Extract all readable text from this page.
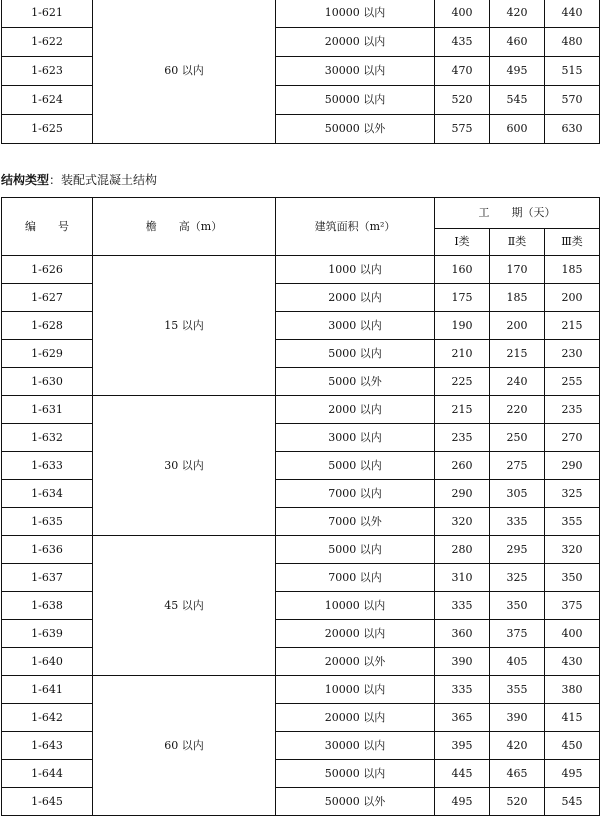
1-621	60 以内	10000 以内	400	420	440
1-622		20000 以内	435	460	480
1-623		30000 以内	470	495	515
1-624		50000 以内	520	545	570
1-625		50000 以外	575	600	630
结构类型：装配式混凝土结构
编　　号	檐　　高（m）	建筑面积（m²）	工　　期（天）		
			Ⅰ类	Ⅱ类	Ⅲ类
1-626	15 以内	1000 以内	160	170	185
1-627		2000 以内	175	185	200
1-628		3000 以内	190	200	215
1-629		5000 以内	210	215	230
1-630		5000 以外	225	240	255
1-631	30 以内	2000 以内	215	220	235
1-632		3000 以内	235	250	270
1-633		5000 以内	260	275	290
1-634		7000 以内	290	305	325
1-635		7000 以外	320	335	355
1-636	45 以内	5000 以内	280	295	320
1-637		7000 以内	310	325	350
1-638		10000 以内	335	350	375
1-639		20000 以内	360	375	400
1-640		20000 以外	390	405	430
1-641	60 以内	10000 以内	335	355	380
1-642		20000 以内	365	390	415
1-643		30000 以内	395	420	450
1-644		50000 以内	445	465	495
1-645		50000 以外	495	520	545
